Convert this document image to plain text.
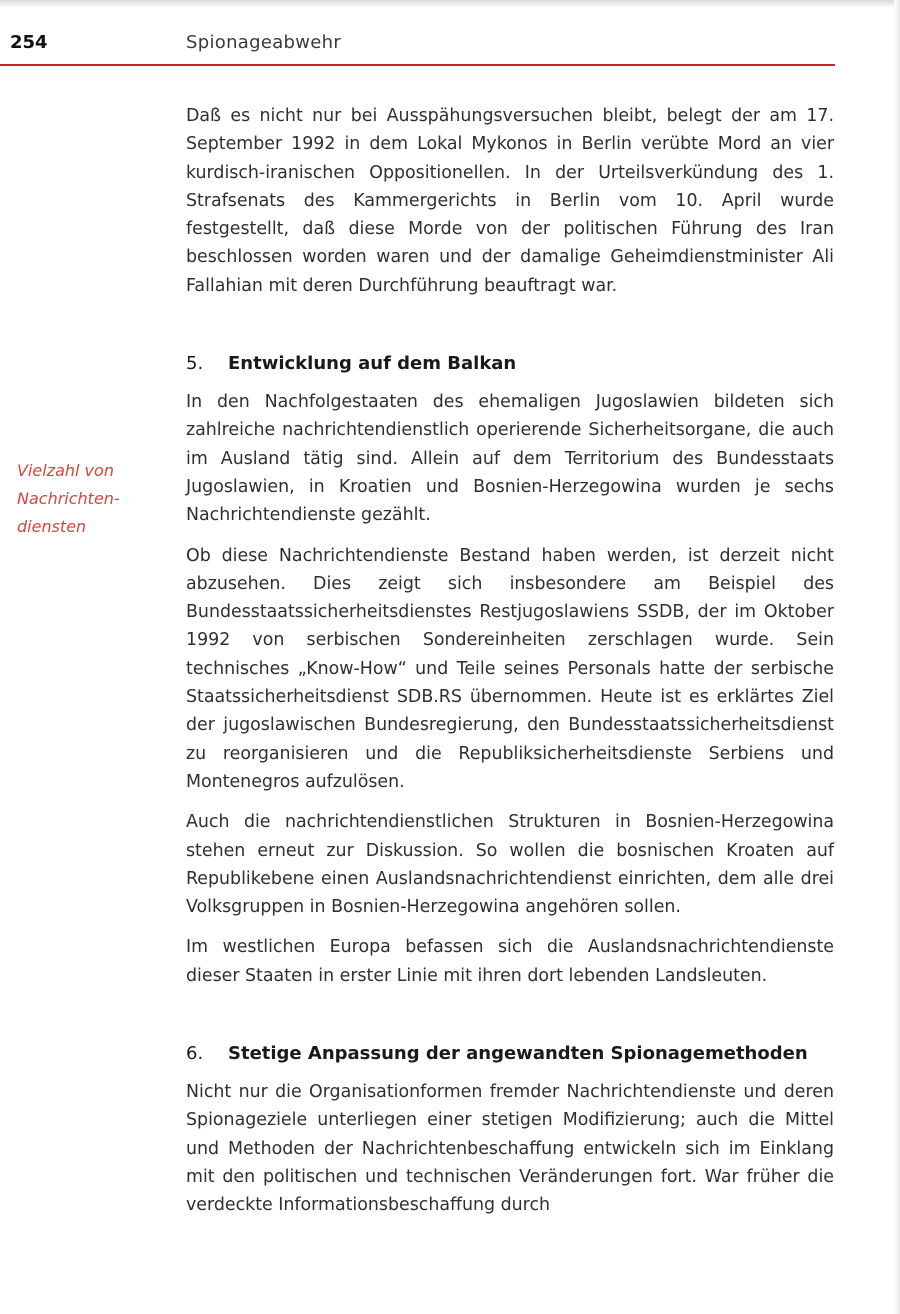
254	Spionageabwehr
Vielzahl von
Nachrichten-
diensten

Daß es nicht nur bei Ausspähungsversuchen bleibt, belegt der am 17. September 1992 in dem Lokal Mykonos in Berlin verübte Mord an vier kurdisch-iranischen Oppositionellen. In der Urteilsverkündung des 1. Strafsenats des Kammergerichts in Berlin vom 10. April wurde festgestellt, daß diese Morde von der politischen Führung des Iran beschlossen worden waren und der damalige Geheimdienstminister Ali Fallahian mit deren Durchführung beauftragt war.

5. Entwicklung auf dem Balkan

In den Nachfolgestaaten des ehemaligen Jugoslawien bildeten sich zahlreiche nachrichtendienstlich operierende Sicherheitsorgane, die auch im Ausland tätig sind. Allein auf dem Territorium des Bundesstaats Jugoslawien, in Kroatien und Bosnien-Herzegowina wurden je sechs Nachrichtendienste gezählt.

Ob diese Nachrichtendienste Bestand haben werden, ist derzeit nicht abzusehen. Dies zeigt sich insbesondere am Beispiel des Bundesstaatssicherheitsdienstes Restjugoslawiens SSDB, der im Oktober 1992 von serbischen Sondereinheiten zerschlagen wurde. Sein technisches „Know-How“ und Teile seines Personals hatte der serbische Staatssicherheitsdienst SDB.RS übernommen. Heute ist es erklärtes Ziel der jugoslawischen Bundesregierung, den Bundesstaatssicherheitsdienst zu reorganisieren und die Republiksicherheitsdienste Serbiens und Montenegros aufzulösen.

Auch die nachrichtendienstlichen Strukturen in Bosnien-Herzegowina stehen erneut zur Diskussion. So wollen die bosnischen Kroaten auf Republikebene einen Auslandsnachrichtendienst einrichten, dem alle drei Volksgruppen in Bosnien-Herzegowina angehören sollen.

Im westlichen Europa befassen sich die Auslandsnachrichtendienste dieser Staaten in erster Linie mit ihren dort lebenden Landsleuten.

6. Stetige Anpassung der angewandten Spionagemethoden

Nicht nur die Organisationformen fremder Nachrichtendienste und deren Spionageziele unterliegen einer stetigen Modifizierung; auch die Mittel und Methoden der Nachrichtenbeschaffung entwickeln sich im Einklang mit den politischen und technischen Veränderungen fort. War früher die verdeckte Informationsbeschaffung durch
